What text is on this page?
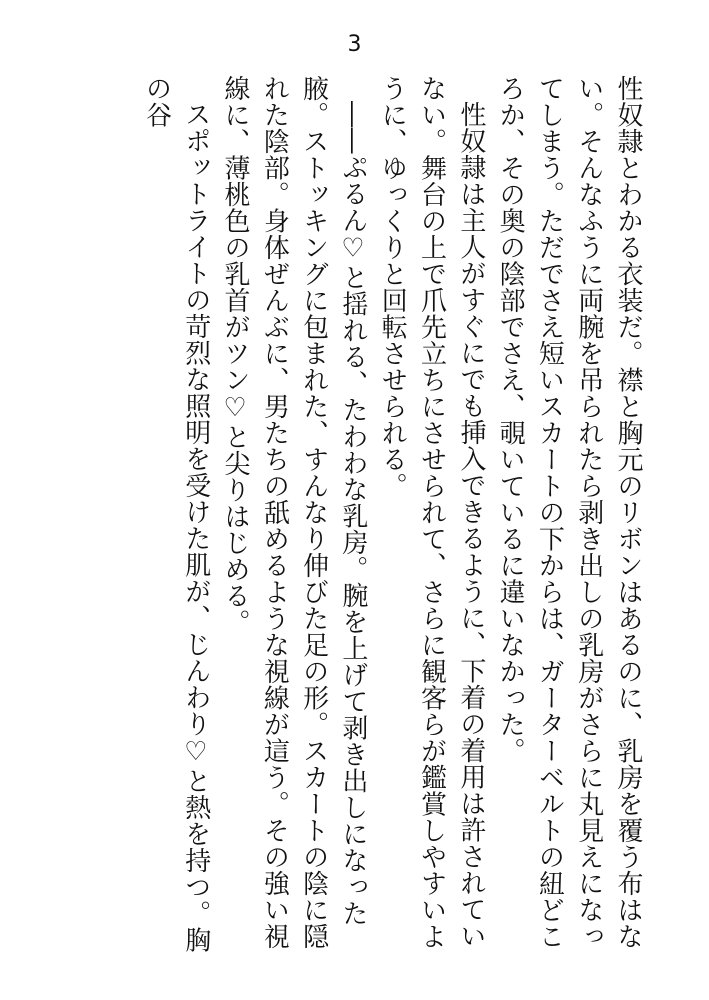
3

性奴隷とわかる衣装だ。襟と胸元のリボンはあるのに、乳房を覆う布はない。そんなふうに両腕を吊られたら剥き出しの乳房がさらに丸見えになってしまう。ただでさえ短いスカートの下からは、ガーターベルトの紐どころか、その奥の陰部でさえ、覗いているに違いなかった。

性奴隷は主人がすぐにでも挿入できるように、下着の着用は許されていない。舞台の上で爪先立ちにさせられて、さらに観客らが鑑賞しやすいように、ゆっくりと回転させられる。

――ぷるん♡と揺れる、たわわな乳房。腕を上げて剥き出しになった腋。ストッキングに包まれた、すんなり伸びた足の形。スカートの陰に隠れた陰部。身体ぜんぶに、男たちの舐めるような視線が這う。その強い視線に、薄桃色の乳首がツン♡と尖りはじめる。

スポットライトの苛烈な照明を受けた肌が、じんわり♡と熱を持つ。胸の谷
